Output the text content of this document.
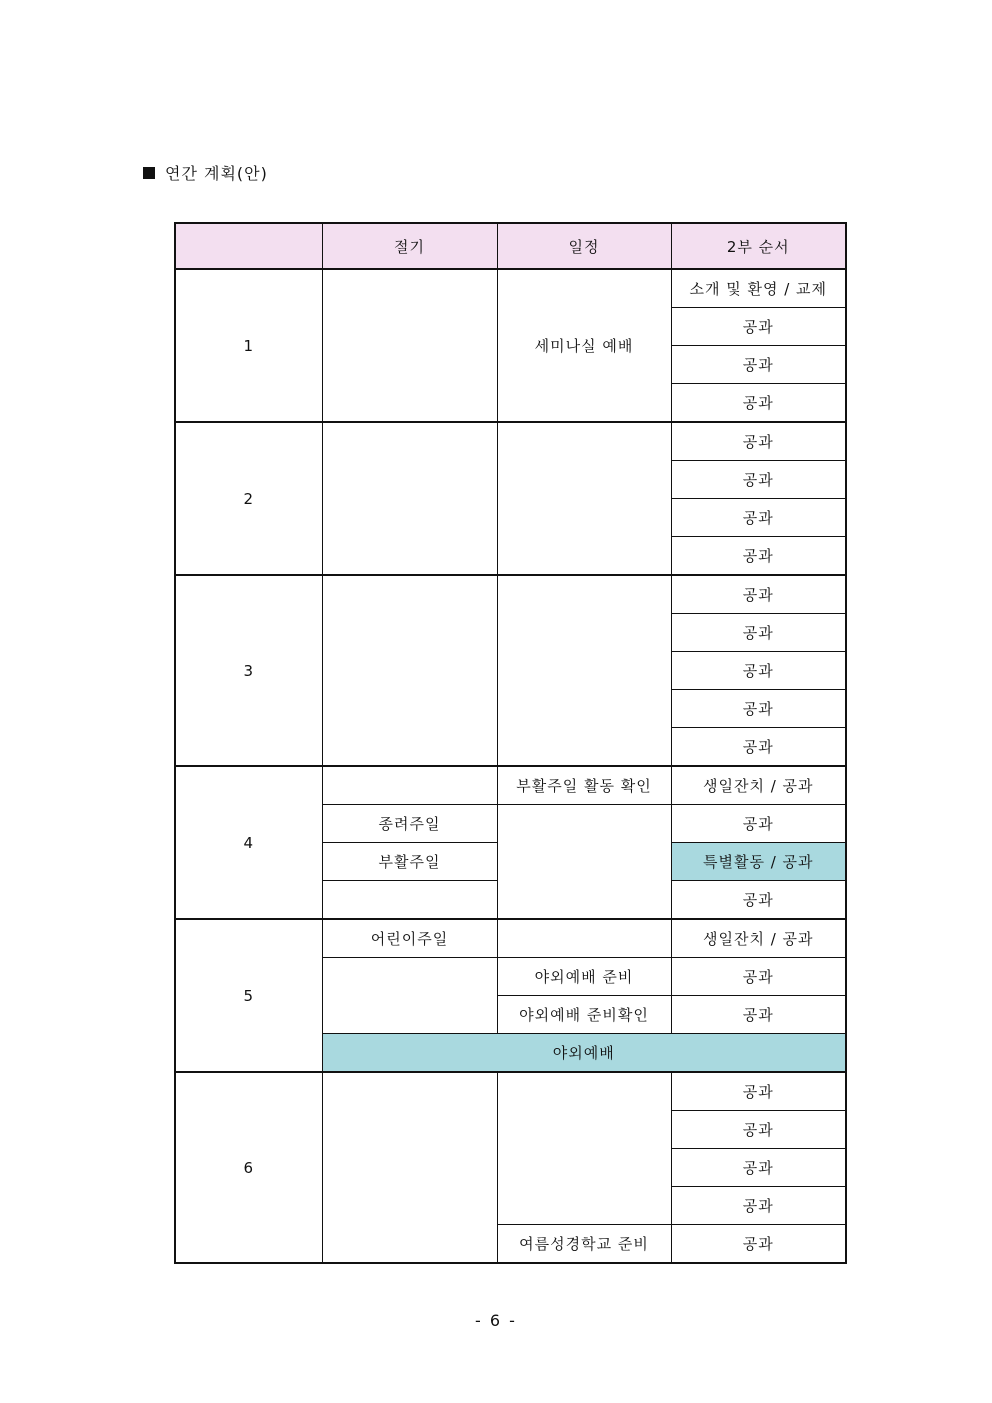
연간 계획(안)
	절기	일정	2부 순서
1		세미나실 예배	소개 및 환영 / 교제
			공과
			공과
			공과
2			공과
			공과
			공과
			공과
3			공과
			공과
			공과
			공과
			공과
4		부활주일 활동 확인	생일잔치 / 공과
	종려주일		공과
	부활주일		특별활동 / 공과
			공과
5	어린이주일		생일잔치 / 공과
		야외예배 준비	공과
		야외예배 준비확인	공과
	야외예배		
6			공과
			공과
			공과
			공과
		여름성경학교 준비	공과
- 6 -
